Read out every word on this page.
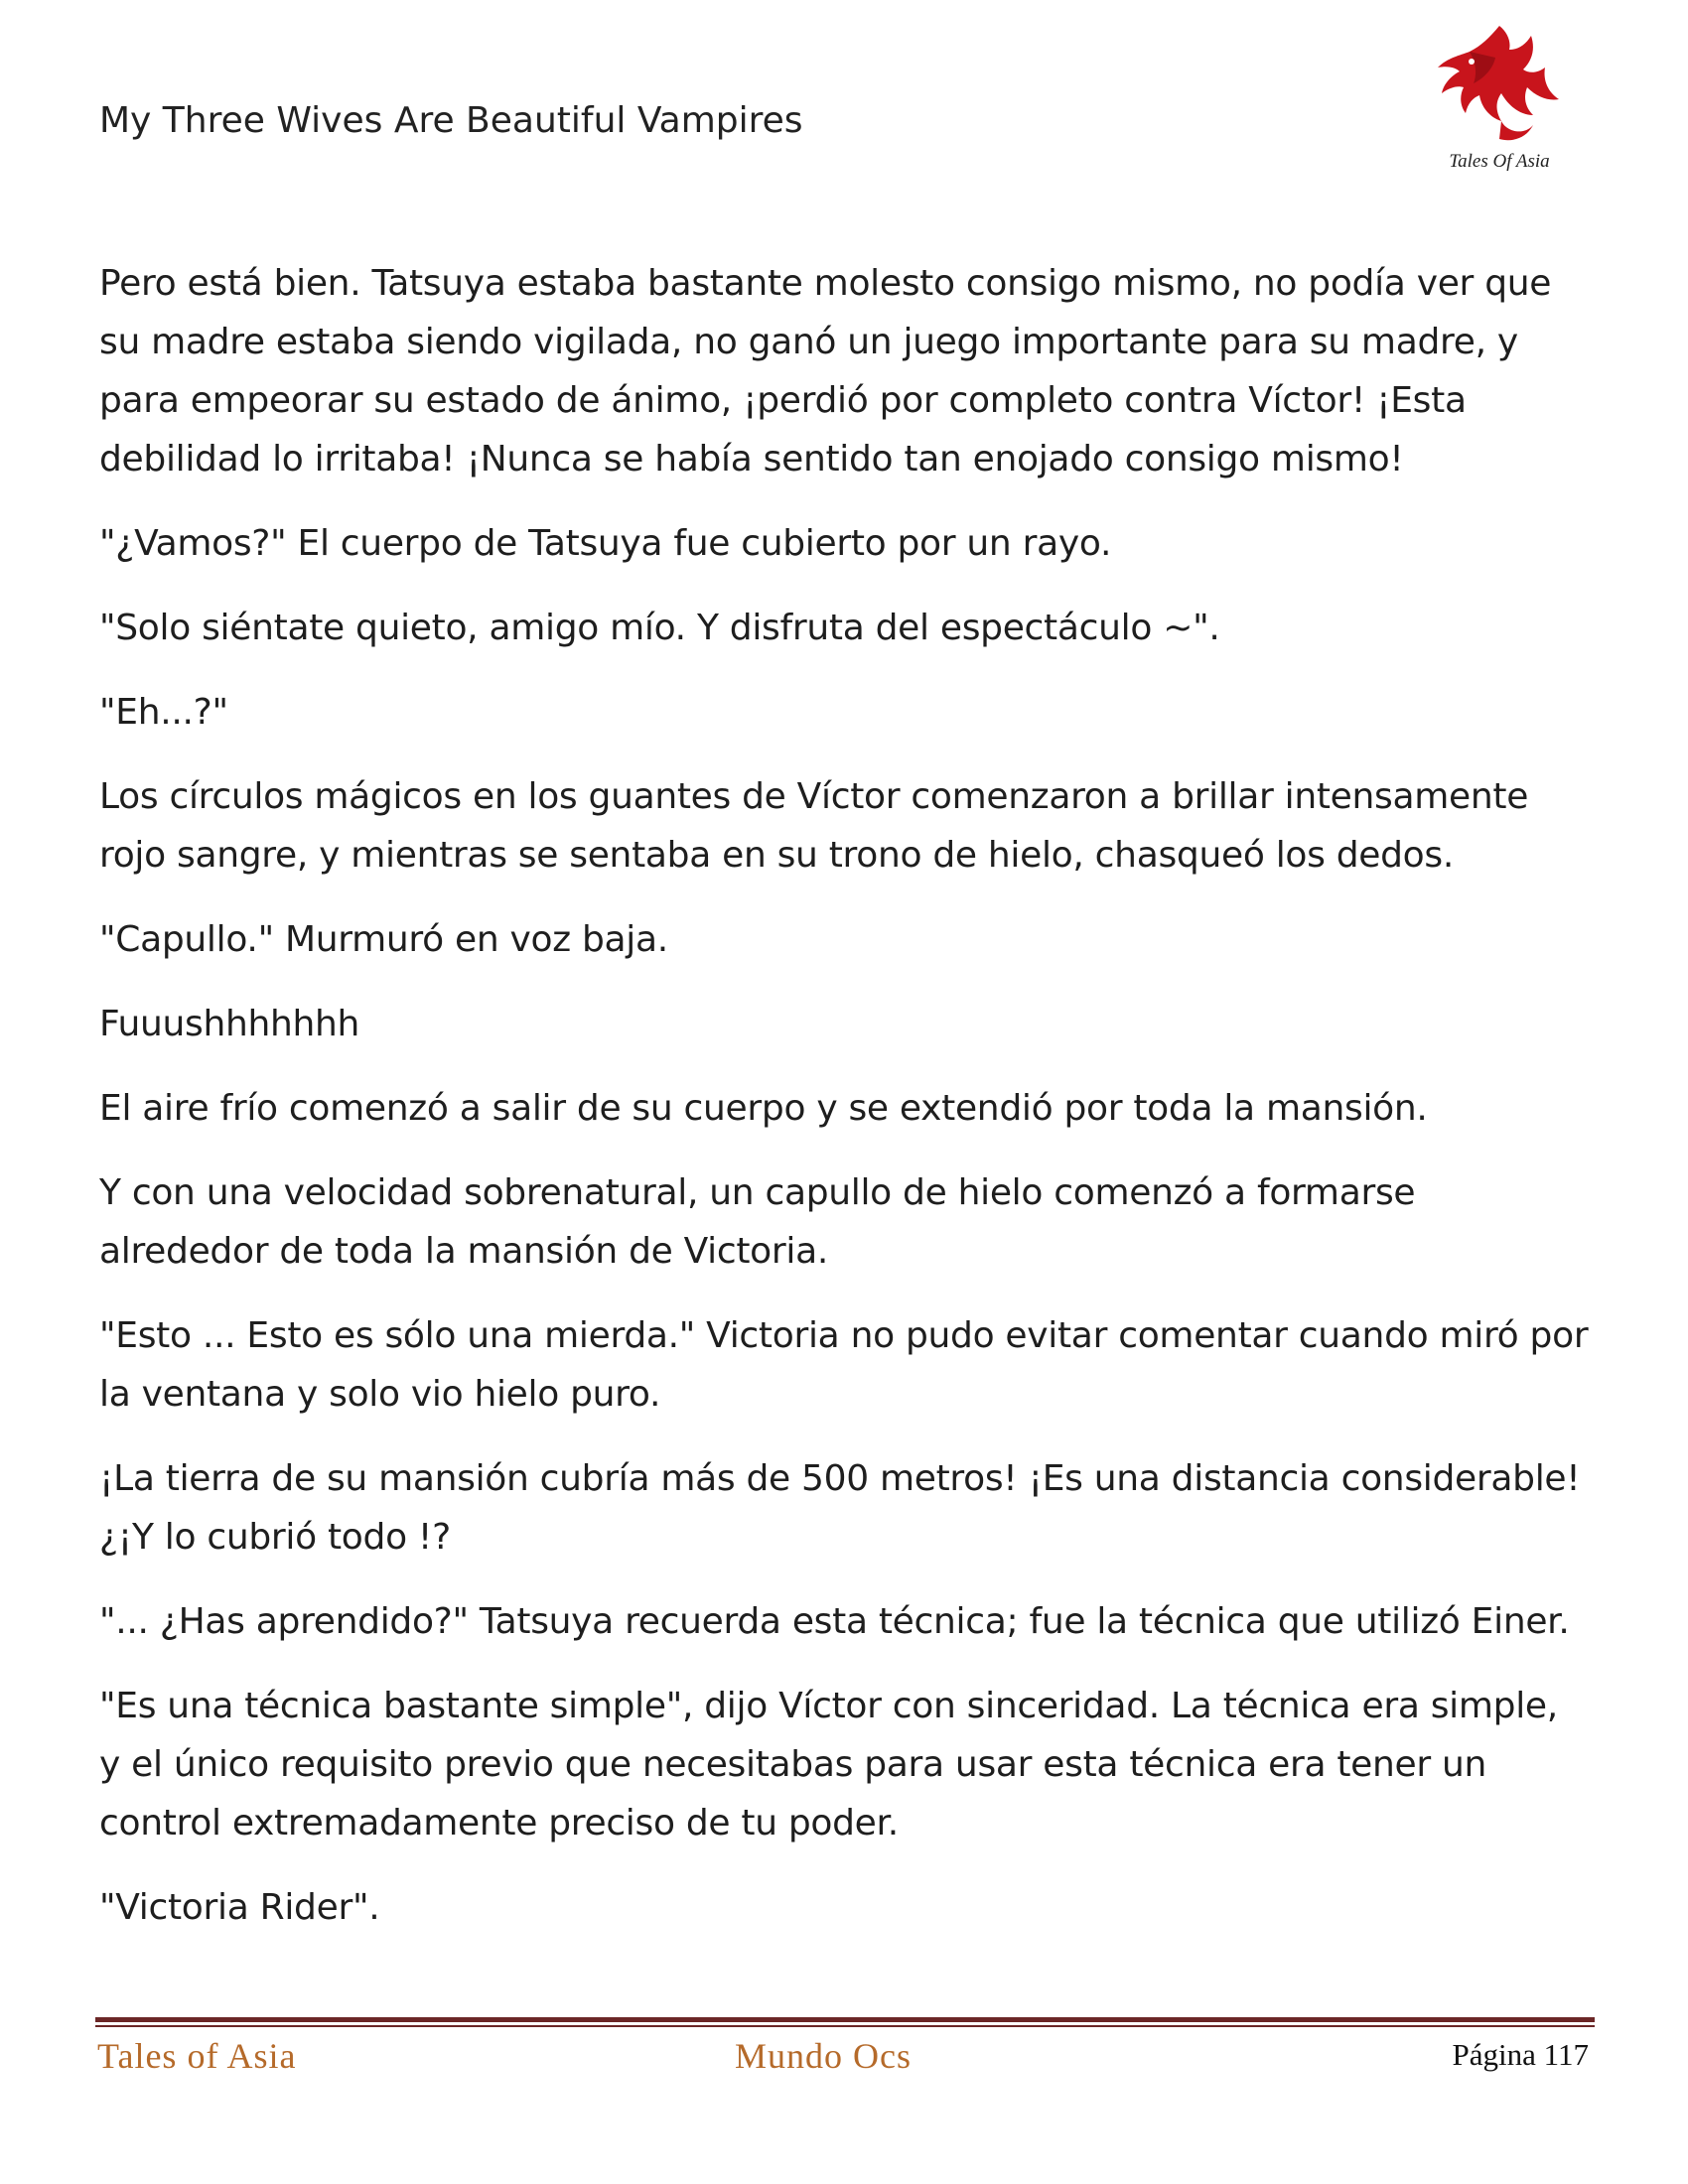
My Three Wives Are Beautiful Vampires
Tales Of Asia

Pero está bien. Tatsuya estaba bastante molesto consigo mismo, no podía ver que su madre estaba siendo vigilada, no ganó un juego importante para su madre, y para empeorar su estado de ánimo, ¡perdió por completo contra Víctor! ¡Esta debilidad lo irritaba! ¡Nunca se había sentido tan enojado consigo mismo!

"¿Vamos?" El cuerpo de Tatsuya fue cubierto por un rayo.

"Solo siéntate quieto, amigo mío. Y disfruta del espectáculo ~".

"Eh...?"

Los círculos mágicos en los guantes de Víctor comenzaron a brillar intensamente rojo sangre, y mientras se sentaba en su trono de hielo, chasqueó los dedos.

"Capullo." Murmuró en voz baja.

Fuuushhhhhhh

El aire frío comenzó a salir de su cuerpo y se extendió por toda la mansión.

Y con una velocidad sobrenatural, un capullo de hielo comenzó a formarse alrededor de toda la mansión de Victoria.

"Esto ... Esto es sólo una mierda." Victoria no pudo evitar comentar cuando miró por la ventana y solo vio hielo puro.

¡La tierra de su mansión cubría más de 500 metros! ¡Es una distancia considerable! ¿¡Y lo cubrió todo !?

"... ¿Has aprendido?" Tatsuya recuerda esta técnica; fue la técnica que utilizó Einer.

"Es una técnica bastante simple", dijo Víctor con sinceridad. La técnica era simple, y el único requisito previo que necesitabas para usar esta técnica era tener un control extremadamente preciso de tu poder.

"Victoria Rider".

Tales of Asia	Mundo Ocs	Página 117
